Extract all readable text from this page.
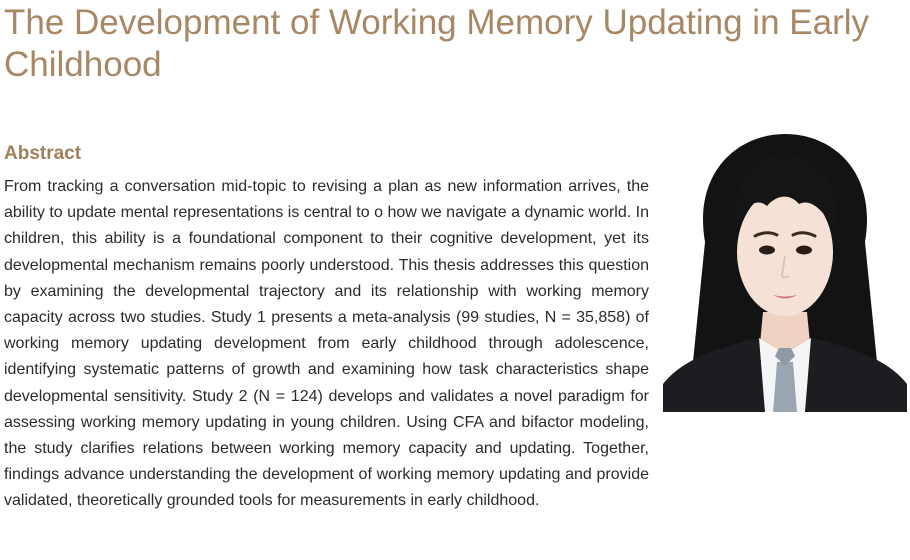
The Development of Working Memory Updating in Early Childhood
Abstract

From tracking a conversation mid-topic to revising a plan as new information arrives, the ability to update mental representations is central to o how we navigate a dynamic world. In children, this ability is a foundational component to their cognitive development, yet its developmental mechanism remains poorly understood. This thesis addresses this question by examining the developmental trajectory and its relationship with working memory capacity across two studies. Study 1 presents a meta-analysis (99 studies, N = 35,858) of working memory updating development from early childhood through adolescence, identifying systematic patterns of growth and examining how task characteristics shape developmental sensitivity. Study 2 (N = 124) develops and validates a novel paradigm for assessing working memory updating in young children. Using CFA and bifactor modeling, the study clarifies relations between working memory capacity and updating. Together, findings advance understanding the development of working memory updating and provide validated, theoretically grounded tools for measurements in early childhood.
